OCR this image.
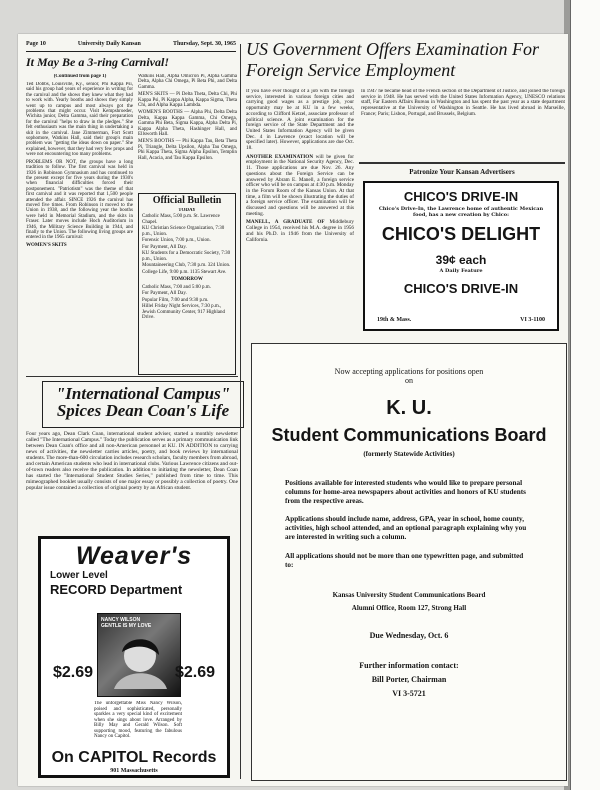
Page 10	University Daily Kansan	Thursday, Sept. 30, 1965
It May Be a 3-ring Carnival!
(Continued from page 1)

Ted Dobbs, Louisville, Ky., senior, Phi Kappa Psi, said his group had years of experience in writing for the carnival and the shows they knew what they had to work with. Yearly booths and shows they simply went up to campus and most always got the problems that might occur. Visit Kempshroeder, Wichita junior, Delta Gamma, said their preparation for the carnival "helps to draw in the pledges." She felt enthusiasm was the main thing in undertaking a skit in the carnival. Jane Zimmerman, Fort Scott sophomore, Watkins Hall, said their group's main problem was "getting the ideas down on paper." She explained, however, that they had very few props and were not encountering too many problems.

PROBLEMS OR NOT, the groups have a long tradition to follow. The first carnival was held in 1926 in Robinson Gymnasium and has continued to the present except for five years during the 1930's when financial difficulties forced their postponement. "Patriotism" was the theme of that first carnival and it was reported that 1,500 people attended the affair. SINCE 1926 the carnival has moved five times. From Robinson it moved to the Union in 1938, and the following year the booths were held in Memorial Stadium, and the skits in Fraser. Later moves include Hoch Auditorium in 1946, the Military Science Building in 1944, and finally to the Union. The following living groups are entered in the 1965 carnival:

WOMEN'S SKITS

Watkins Hall, Alpha Omicron Pi, Alpha Gamma Delta, Alpha Chi Omega, Pi Beta Phi, and Delta Gamma.

MEN'S SKITS — Pi Delta Theta, Delta Chi, Phi Kappa Psi, Pi Kappa Alpha, Kappa Sigma, Theta Chi, and Alpha Kappa Lambda.

WOMEN'S BOOTHS — Alpha Phi, Delta Delta Delta, Kappa Kappa Gamma, Chi Omega, Gamma Phi Beta, Sigma Kappa, Alpha Delta Pi, Kappa Alpha Theta, Hashinger Hall, and Ellsworth Hall.

MEN'S BOOTHS — Phi Kappa Tau, Beta Theta Pi, Triangle, Delta Upsilon, Alpha Tau Omega, Phi Kappa Theta, Sigma Alpha Epsilon, Templin Hall, Acacia, and Tau Kappa Epsilon.

Official Bulletin
TODAY

Catholic Mass, 5:00 p.m. St. Lawrence Chapel.

KU Christian Science Organization, 7:30 p.m., Union.

Forensic Union, 7:00 p.m., Union.

For Payment, All Day.

KU Students for a Democratic Society, 7:30 p.m., Union.

Mountaineering Club, 7:30 p.m. 324 Union.

College Life, 9:00 p.m. 1135 Stewart Ave.

TOMORROW

Catholic Mass, 7:00 and 5:00 p.m.

For Payment, All Day.

Popular Film, 7:00 and 9:30 p.m.

Hillel Friday Night Services, 7:30 p.m., Jewish Community Center, 917 Highland Drive.

"International Campus" Spices Dean Coan's Life
Four years ago, Dean Clark Coan, international student adviser, started a monthly newsletter called "The International Campus." Today the publication serves as a primary communication link between Dean Coan's office and all non-American personnel at KU. IN ADDITION to carrying news of activities, the newsletter carries articles, poetry, and book reviews by international students. The more-than-600 circulation includes research scholars, faculty members from abroad, and certain American students who lead in international clubs. Various Lawrence citizens and out-of-town readers also receive the publication. In addition to initiating the newsletter, Dean Coan has started the "International Student Studies Series," published from time to time. This mimeographed booklet usually consists of one major essay or possibly a collection of poetry. One popular issue contained a collection of original poetry by an African student.
Weaver's
Lower Level
RECORD Department
NANCY WILSON
GENTLE IS MY LOVE
$2.69	$2.69
The unforgettable Miss Nancy Wilson, poised and sophisticated, personally sparkles a very special kind of excitement when she sings about love. Arranged by Billy May and Gerald Wilson. Soft supporting mood, featuring the fabulous Nancy on Capitol.
On CAPITOL Records
901 Massachusetts
US Government Offers Examination For Foreign Service Employment

If you have ever thought of a job with the foreign service, interested in various foreign cities and carrying good wages as a prestige job, your opportunity may be at KU in a few weeks, according to Clifford Ketzel, associate professor of political science. A joint examination for the foreign service of the State Department and the United States Information Agency will be given Dec. 4 in Lawrence (exact location will be specified later). However, applications are due Oct. 18.

ANOTHER EXAMINATION will be given for employment in the National Security Agency, Dec. 11. Those applications are due Nov. 26. Any questions about the Foreign Service can be answered by Abram E. Manell, a foreign service officer who will be on campus at 4:30 p.m. Monday in the Forum Room of the Kansas Union. At that time, a film will be shown illustrating the duties of a foreign service officer. The examination will be discussed and questions will be answered at this meeting.

MANELL, A GRADUATE OF Middlebury College in 1954, received his M.A. degree in 1956 and his Ph.D. in 1946 from the University of California.

In 1947 he became head of the French section of the Department of Justice, and joined the foreign service in 1948. He has served with the United States Information Agency, UNESCO relations staff, Far Eastern Affairs Bureau in Washington and has spent the past year as a state department representative at the University of Washington in Seattle. He has lived abroad in Marseille, France; Paris; Lisbon, Portugal, and Brussels, Belgium.
Patronize Your Kansan Advertisers
CHICO'S DRIVE-IN
Chico's Drive-In, the Lawrence home of authentic Mexican food, has a new creation by Chico:
CHICO'S DELIGHT
39¢ each
A Daily Feature
CHICO'S DRIVE-IN
19th & Mass.	VI 3-1100
Now accepting applications for positions open on
K. U.
Student Communications Board
(formerly Statewide Activities)
Positions available for interested students who would like to prepare personal columns for home-area newspapers about activities and honors of KU students from the respective areas.
Applications should include name, address, GPA, year in school, home county, activities, high school attended, and an optional paragraph explaining why you are interested in writing such a column.
All applications should not be more than one typewritten page, and submitted to:
Kansas University Student Communications Board
Alumni Office, Room 127, Strong Hall
Due Wednesday, Oct. 6
Further information contact:
Bill Porter, Chairman
VI 3-5721
